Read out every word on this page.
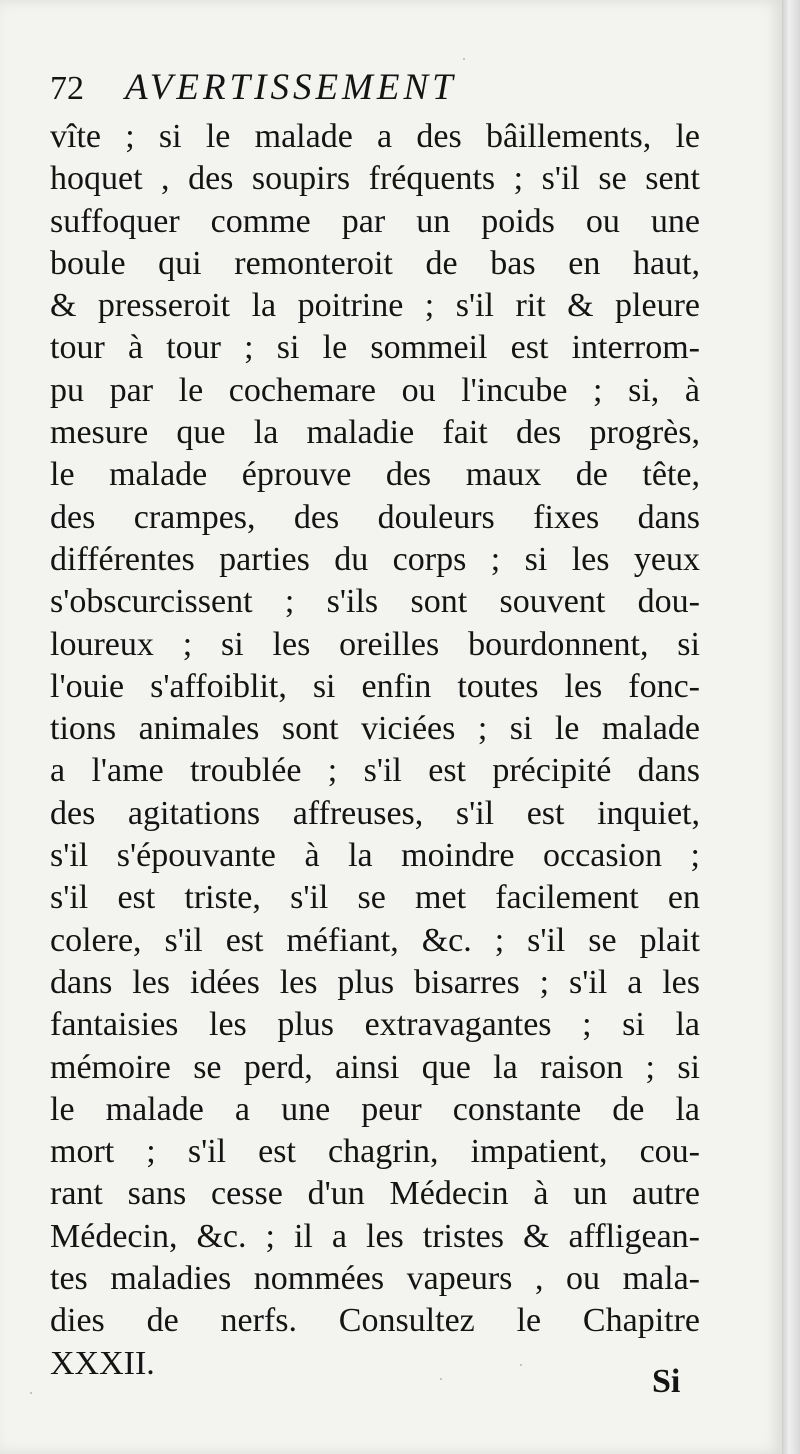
72	AVERTISSEMENT
vîte ; si le malade a des bâillements, le
hoquet , des soupirs fréquents ; s'il se sent
suffoquer comme par un poids ou une
boule qui remonteroit de bas en haut,
& presseroit la poitrine ; s'il rit & pleure
tour à tour ; si le sommeil est interrom-
pu par le cochemare ou l'incube ; si, à
mesure que la maladie fait des progrès,
le malade éprouve des maux de tête,
des crampes, des douleurs fixes dans
différentes parties du corps ; si les yeux
s'obscurcissent ; s'ils sont souvent dou-
loureux ; si les oreilles bourdonnent, si
l'ouie s'affoiblit, si enfin toutes les fonc-
tions animales sont viciées ; si le malade
a l'ame troublée ; s'il est précipité dans
des agitations affreuses, s'il est inquiet,
s'il s'épouvante à la moindre occasion ;
s'il est triste, s'il se met facilement en
colere, s'il est méfiant, &c. ; s'il se plait
dans les idées les plus bisarres ; s'il a les
fantaisies les plus extravagantes ; si la
mémoire se perd, ainsi que la raison ; si
le malade a une peur constante de la
mort ; s'il est chagrin, impatient, cou-
rant sans cesse d'un Médecin à un autre
Médecin, &c. ; il a les tristes & affligean-
tes maladies nommées vapeurs , ou mala-
dies de nerfs. Consultez le Chapitre
XXXII.	Si
